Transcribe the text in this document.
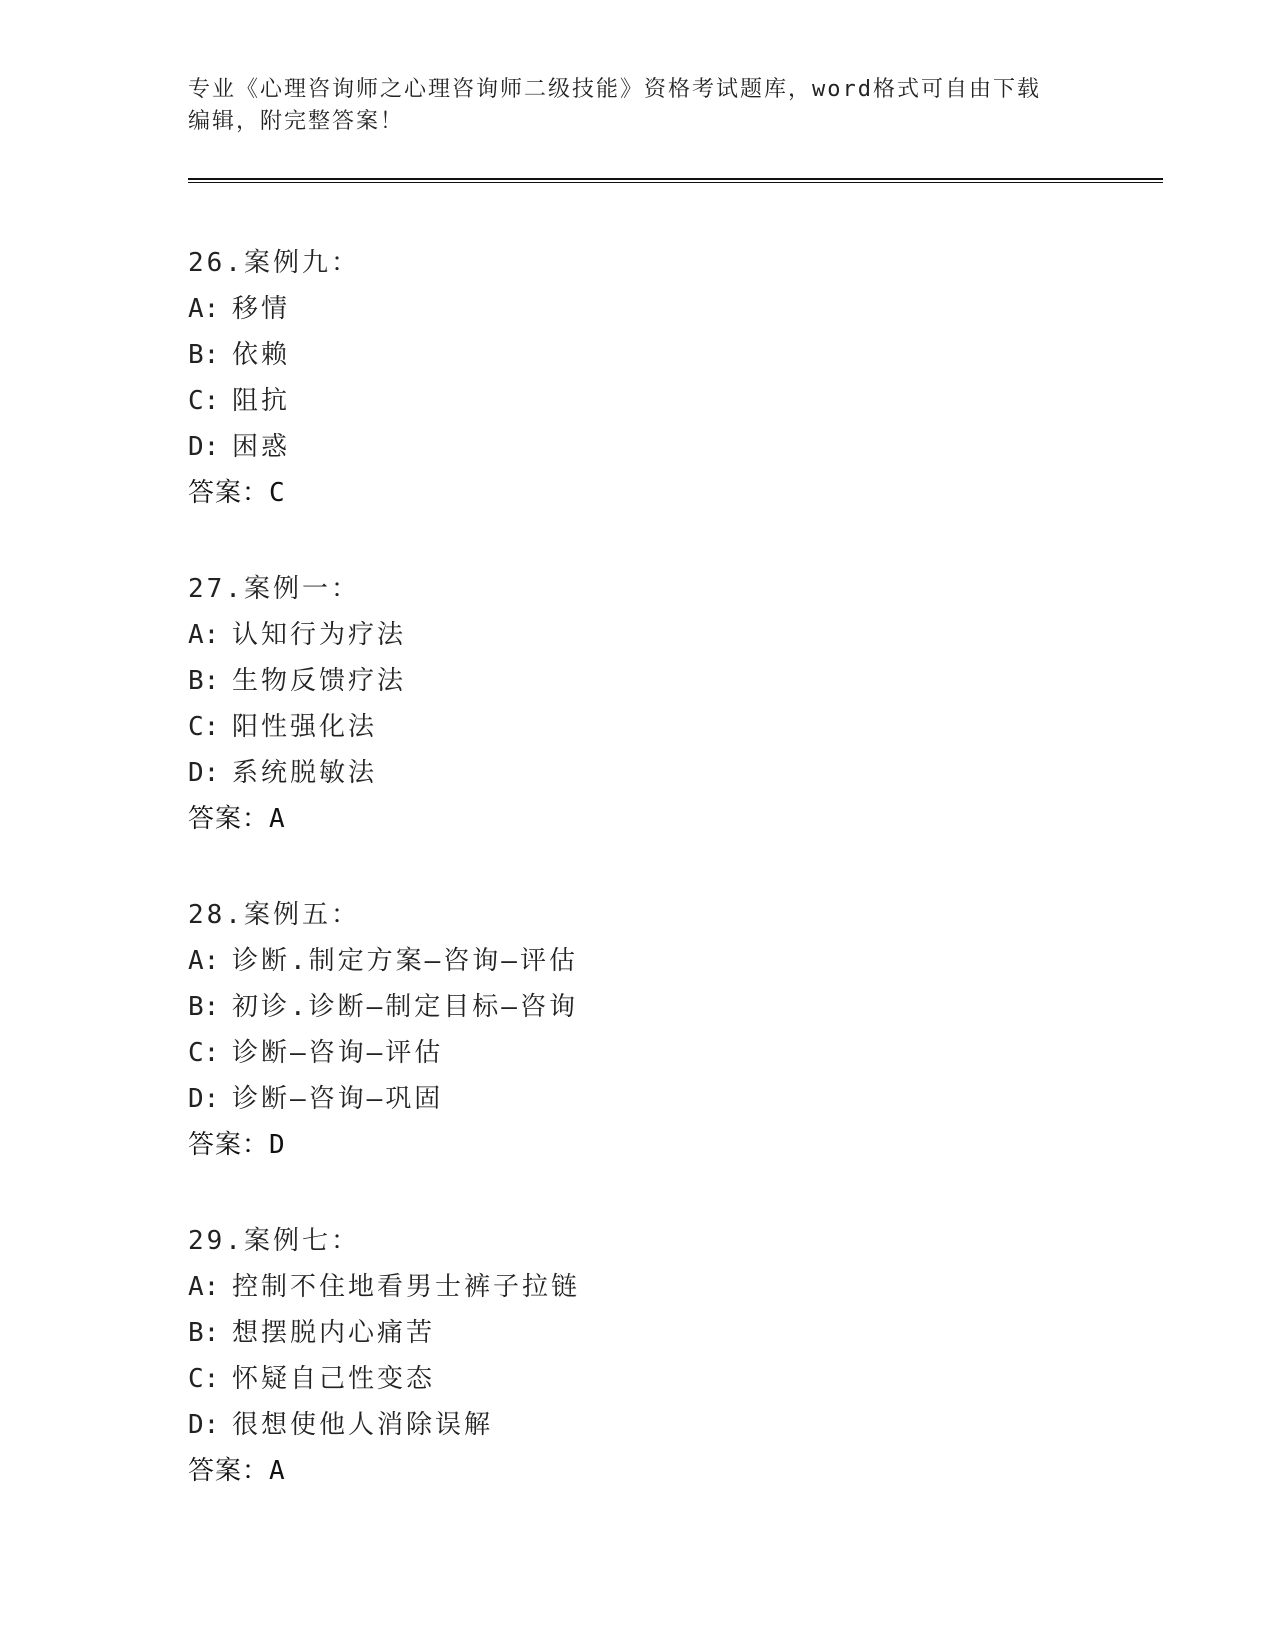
专业《心理咨询师之心理咨询师二级技能》资格考试题库，word格式可自由下载
编辑，附完整答案！
26.案例九：
A: 移情
B: 依赖
C: 阻抗
D: 困惑
答案：C
27.案例一：
A: 认知行为疗法
B: 生物反馈疗法
C: 阳性强化法
D: 系统脱敏法
答案：A
28.案例五：
A: 诊断.制定方案—咨询—评估
B: 初诊.诊断—制定目标—咨询
C: 诊断—咨询—评估
D: 诊断—咨询—巩固
答案：D
29.案例七：
A: 控制不住地看男士裤子拉链
B: 想摆脱内心痛苦
C: 怀疑自己性变态
D: 很想使他人消除误解
答案：A
